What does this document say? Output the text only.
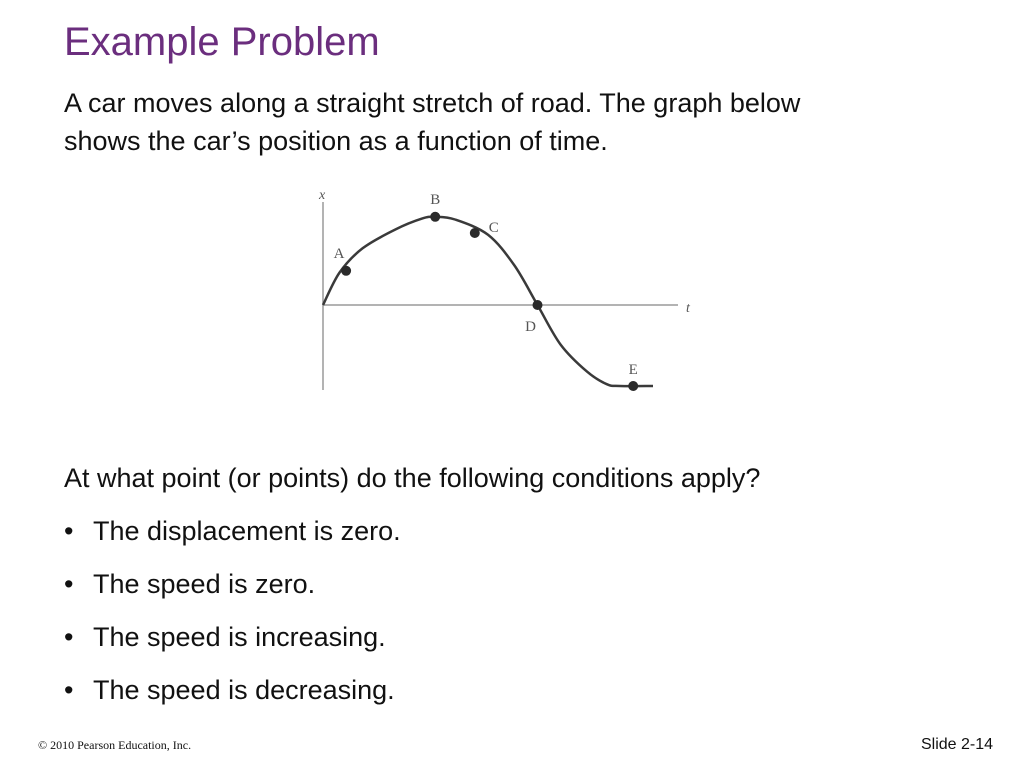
Example Problem
A car moves along a straight stretch of road. The graph below
shows the car’s position as a function of time.
x
t
A
B
C
D
E
At what point (or points) do the following conditions apply?
• The displacement is zero.
• The speed is zero.
• The speed is increasing.
• The speed is decreasing.
© 2010 Pearson Education, Inc.	Slide 2-14
